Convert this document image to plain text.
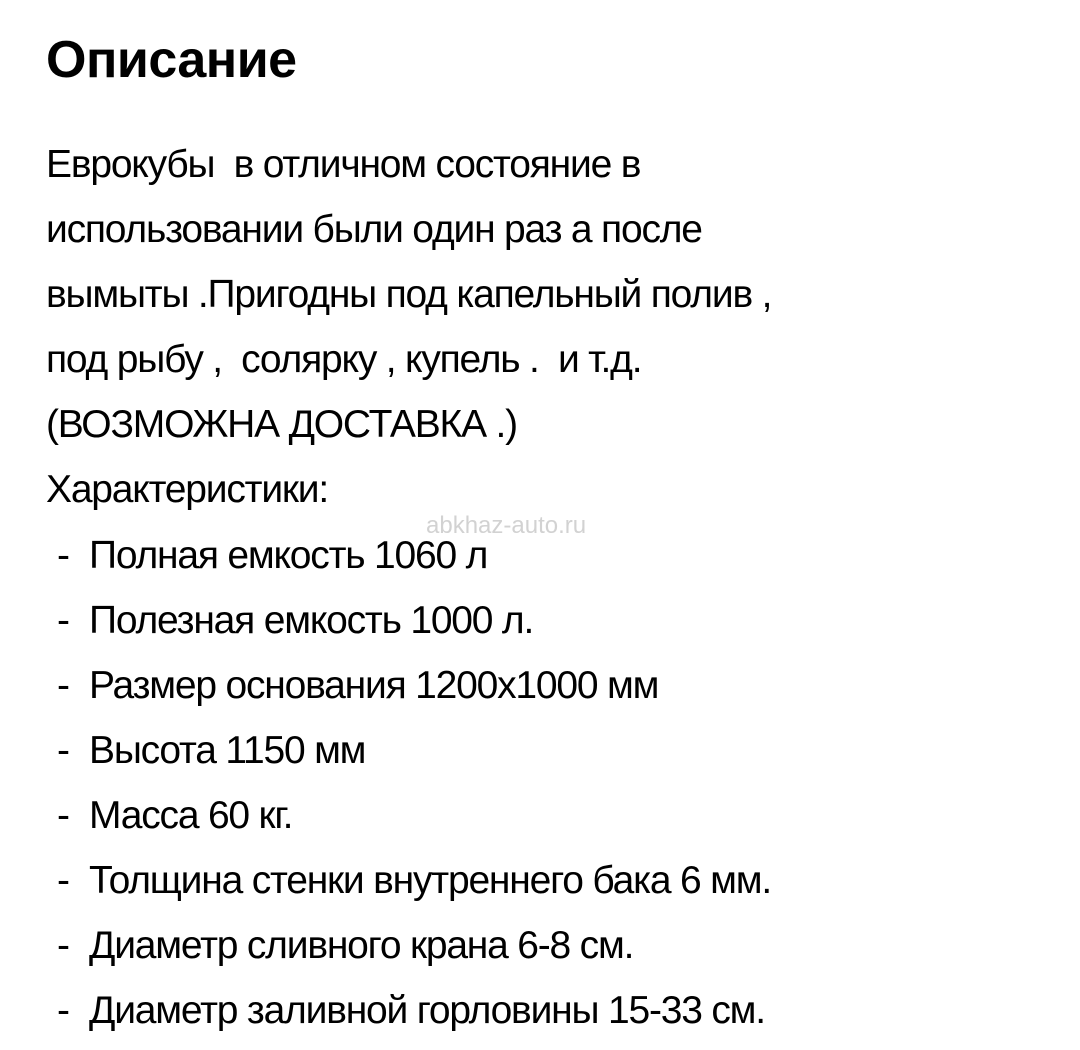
Описание
Еврокубы  в отличном состояние в
использовании были один раз а после
вымыты .Пригодны под капельный полив ,
под рыбу ,  солярку , купель .  и т.д.
(ВОЗМОЖНА ДОСТАВКА .)
Характеристики:
abkhaz-auto.ru
- Полная емкость 1060 л
- Полезная емкость 1000 л.
- Размер основания 1200х1000 мм
- Высота 1150 мм
- Масса 60 кг.
- Толщина стенки внутреннего бака 6 мм.
- Диаметр сливного крана 6-8 см.
- Диаметр заливной горловины 15-33 см.
